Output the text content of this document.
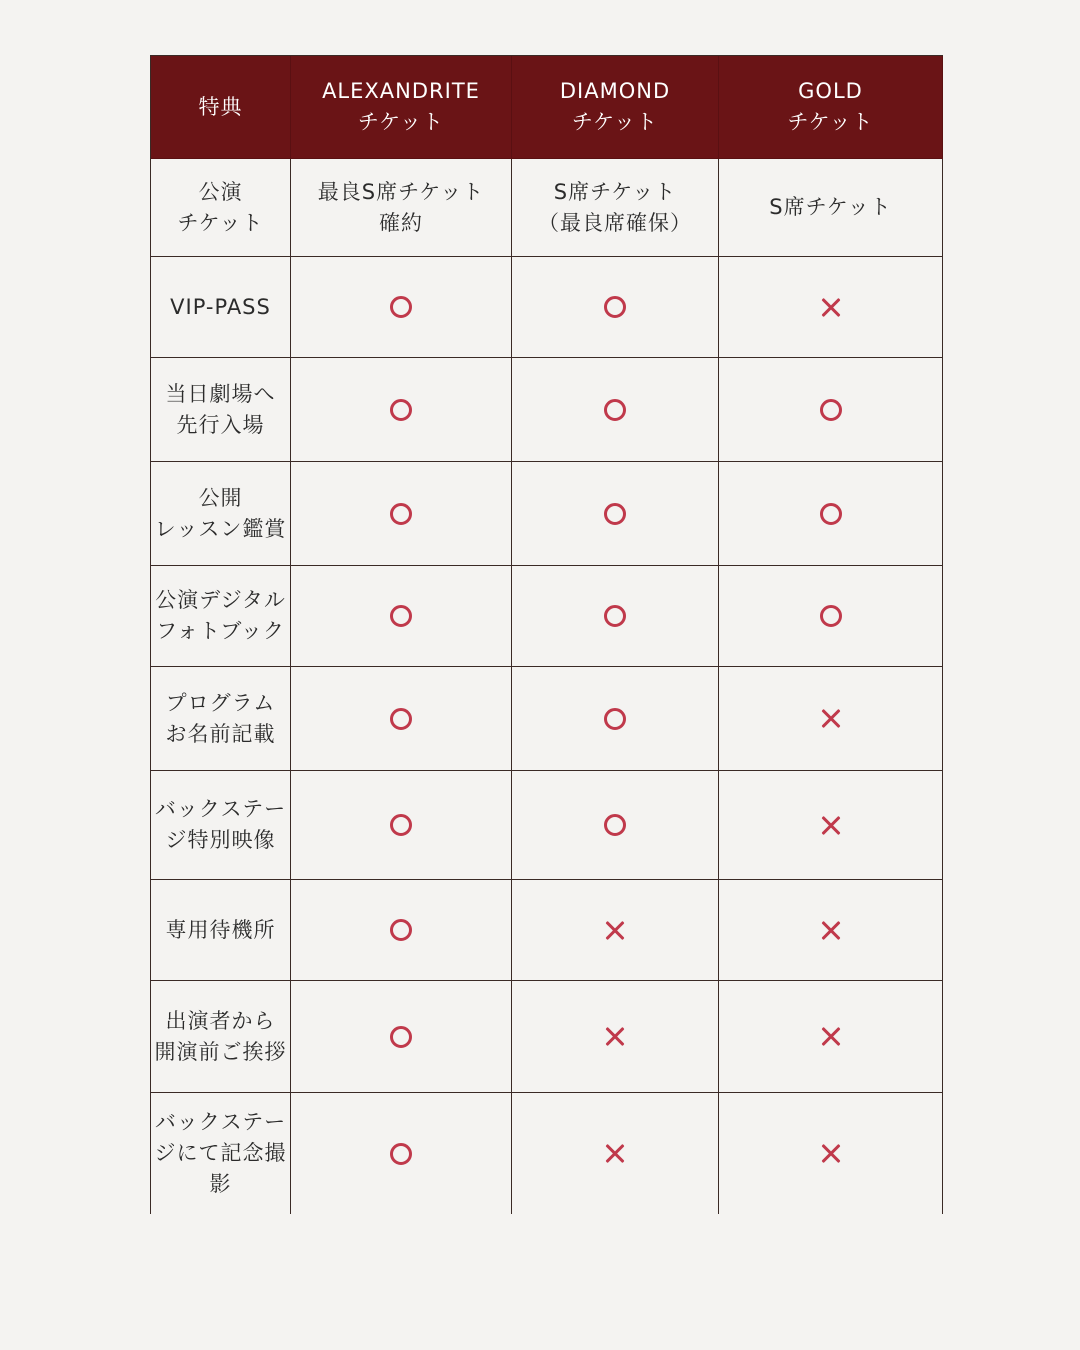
特典
ALEXANDRITE
チケット
DIAMOND
チケット
GOLD
チケット
公演
チケット
最良S席チケット
確約
S席チケット
（最良席確保）
S席チケット
VIP-PASS
当日劇場へ
先行入場
公開
レッスン鑑賞
公演デジタル
フォトブック
プログラム
お名前記載
バックステー
ジ特別映像
専用待機所
出演者から
開演前ご挨拶
バックステー
ジにて記念撮
影
